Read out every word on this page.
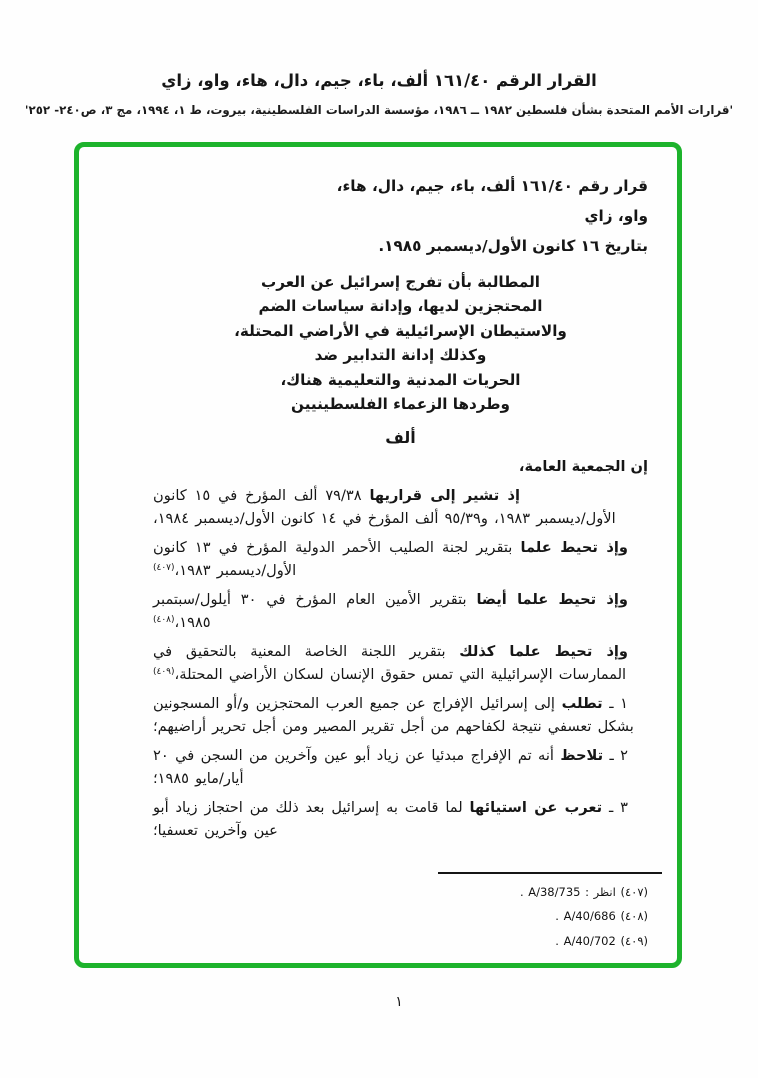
القرار الرقم ١٦١/٤٠ ألف، باء، جيم، دال، هاء، واو، زاي
'قرارات الأمم المتحدة بشأن فلسطين ١٩٨٢ ــ ١٩٨٦، مؤسسة الدراسات الفلسطينية، بيروت، ط ١، ١٩٩٤، مج ٣، ص٢٤٠- ٢٥٢'
قرار رقم ١٦١/٤٠ ألف، باء، جيم، دال، هاء، واو، زاي
بتاريخ ١٦ كانون الأول/ديسمبر ١٩٨٥.
المطالبة بأن تفرج إسرائيل عن العرب
المحتجزين لديها، وإدانة سياسات الضم
والاستيطان الإسرائيلية في الأراضي المحتلة،
وكذلك إدانة التدابير ضد
الحريات المدنية والتعليمية هناك،
وطردها الزعماء الفلسطينيين
ألف

إن الجمعية العامة،

إذ تشير إلى قراريها ٧٩/٣٨ ألف المؤرخ في ١٥ كانون الأول/ديسمبر ١٩٨٣، و٩٥/٣٩ ألف المؤرخ في ١٤ كانون الأول/ديسمبر ١٩٨٤،

وإذ تحيط علما بتقرير لجنة الصليب الأحمر الدولية المؤرخ في ١٣ كانون الأول/ديسمبر ١٩٨٣،$^{(٤٠٧)}$

وإذ تحيط علما أيضا بتقرير الأمين العام المؤرخ في ٣٠ أيلول/سبتمبر ١٩٨٥،$^{(٤٠٨)}$

وإذ تحيط علما كذلك بتقرير اللجنة الخاصة المعنية بالتحقيق في الممارسات الإسرائيلية التي تمس حقوق الإنسان لسكان الأراضي المحتلة،$^{(٤٠٩)}$

١ ـ تطلب إلى إسرائيل الإفراج عن جميع العرب المحتجزين و/أو المسجونين بشكل تعسفي نتيجة لكفاحهم من أجل تقرير المصير ومن أجل تحرير أراضيهم؛

٢ ـ تلاحظ أنه تم الإفراج مبدئيا عن زياد أبو عين وآخرين من السجن في ٢٠ أيار/مايو ١٩٨٥؛

٣ ـ تعرب عن استيائها لما قامت به إسرائيل بعد ذلك من احتجاز زياد أبو عين وآخرين تعسفيا؛

(٤٠٧) انظر : A/38/735 .
(٤٠٨) A/40/686 .
(٤٠٩) A/40/702 .
١
